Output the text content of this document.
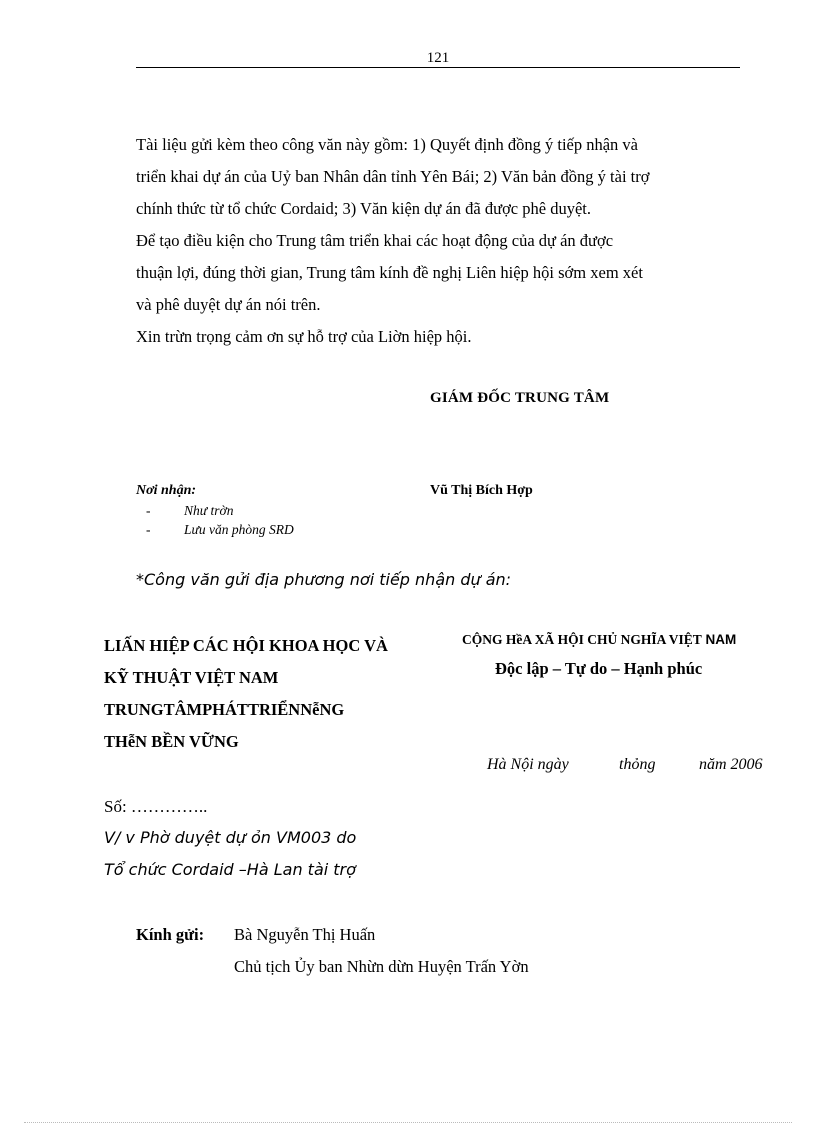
121
Tài liệu gửi kèm theo công văn này gồm: 1) Quyết định đồng ý tiếp nhận và
triển khai dự án của Uỷ ban Nhân dân tỉnh Yên Bái; 2) Văn bản đồng ý tài trợ
chính thức từ tổ chức Cordaid; 3) Văn kiện dự án đã được phê duyệt.
Để tạo điều kiện cho Trung tâm triển khai các hoạt động của dự án được
thuận lợi, đúng thời gian, Trung tâm kính đề nghị Liên hiệp hội sớm xem xét
và phê duyệt dự án nói trên.
Xin trừn trọng cảm ơn sự hỗ trợ của Liờn hiệp hội.
GIÁM ĐỐC TRUNG TÂM
Vũ Thị Bích Hợp
Nơi nhận:
-	Như trờn
-	Lưu văn phòng SRD
*Công văn gửi địa phương nơi tiếp nhận dự án:
LIẤN HIỆP CÁC HỘI KHOA HỌC VÀ
KỸ THUẬT VIỆT NAM
TRUNGTÂMPHÁTTRIỂNNễNG
THễN BỀN VỮNG
CỘNG HềA XÃ HỘI CHỦ NGHĨA VIỆT NAM
Độc lập – Tự do – Hạnh phúc
Hà Nội ngày	thỏng	năm 2006
Số: …………..
V/ v Phờ duyệt dự ỏn VM003 do
Tổ chức Cordaid –Hà Lan tài trợ
Kính gửi: Bà Nguyễn Thị Huấn
Chủ tịch Ủy ban Nhừn dừn Huyện Trấn Yờn
